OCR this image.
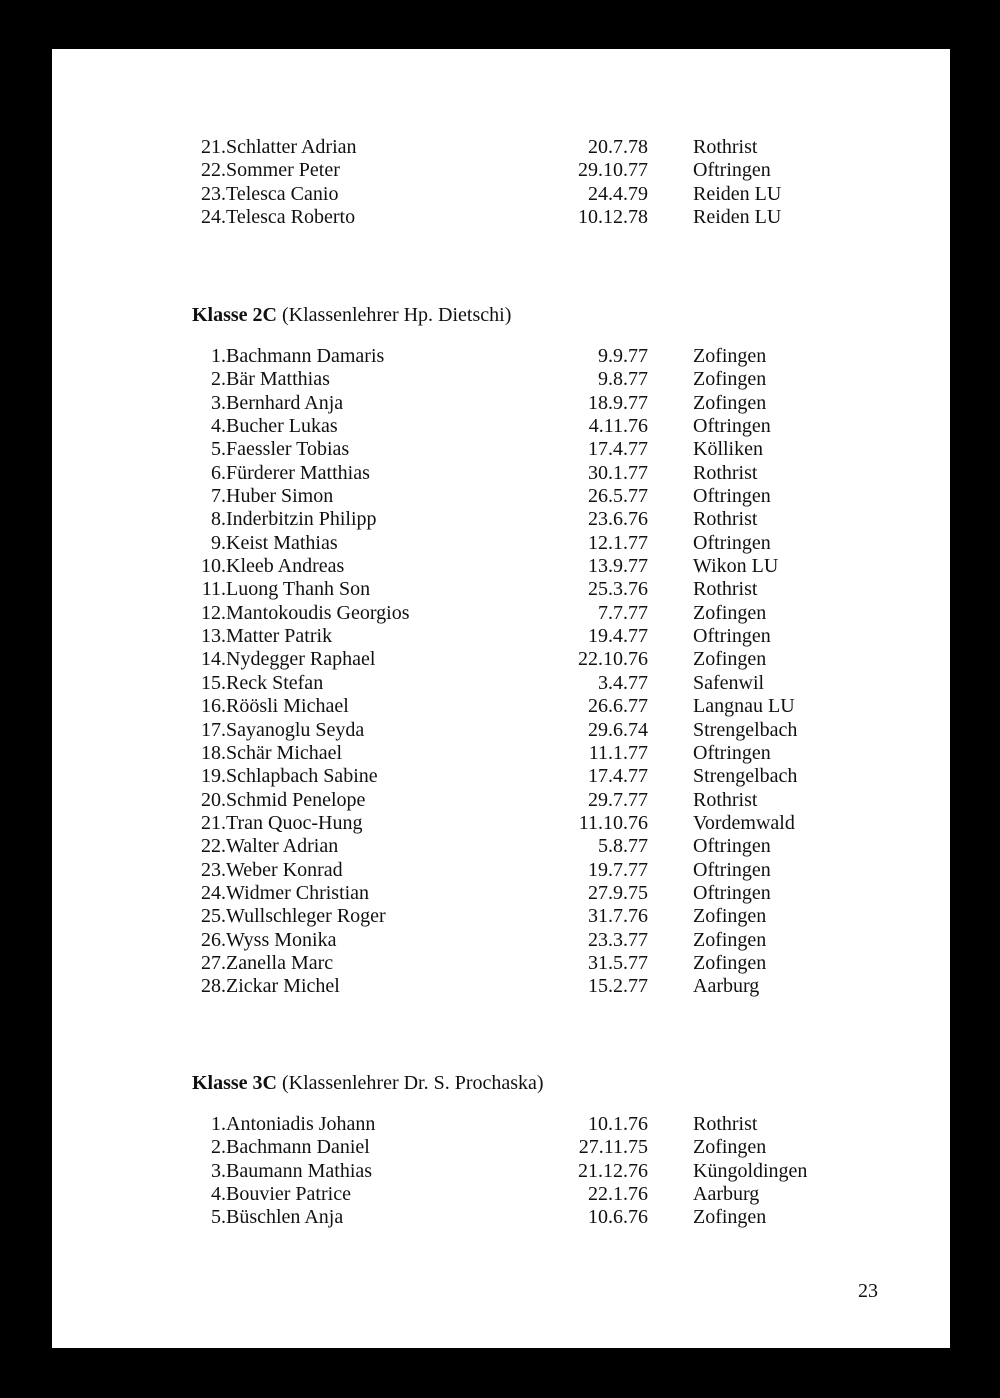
21. Schlatter Adrian	20.7.78 Rothrist
22. Sommer Peter	29.10.77 Oftringen
23. Telesca Canio	24.4.79 Reiden LU
24. Telesca Roberto	10.12.78 Reiden LU
Klasse 2C (Klassenlehrer Hp. Dietschi)
1. Bachmann Damaris	9.9.77 Zofingen
2. Bär Matthias	9.8.77 Zofingen
3. Bernhard Anja	18.9.77 Zofingen
4. Bucher Lukas	4.11.76 Oftringen
5. Faessler Tobias	17.4.77 Kölliken
6. Fürderer Matthias	30.1.77 Rothrist
7. Huber Simon	26.5.77 Oftringen
8. Inderbitzin Philipp	23.6.76 Rothrist
9. Keist Mathias	12.1.77 Oftringen
10. Kleeb Andreas	13.9.77 Wikon LU
11. Luong Thanh Son	25.3.76 Rothrist
12. Mantokoudis Georgios	7.7.77 Zofingen
13. Matter Patrik	19.4.77 Oftringen
14. Nydegger Raphael	22.10.76 Zofingen
15. Reck Stefan	3.4.77 Safenwil
16. Röösli Michael	26.6.77 Langnau LU
17. Sayanoglu Seyda	29.6.74 Strengelbach
18. Schär Michael	11.1.77 Oftringen
19. Schlapbach Sabine	17.4.77 Strengelbach
20. Schmid Penelope	29.7.77 Rothrist
21. Tran Quoc-Hung	11.10.76 Vordemwald
22. Walter Adrian	5.8.77 Oftringen
23. Weber Konrad	19.7.77 Oftringen
24. Widmer Christian	27.9.75 Oftringen
25. Wullschleger Roger	31.7.76 Zofingen
26. Wyss Monika	23.3.77 Zofingen
27. Zanella Marc	31.5.77 Zofingen
28. Zickar Michel	15.2.77 Aarburg
Klasse 3C (Klassenlehrer Dr. S. Prochaska)
1. Antoniadis Johann	10.1.76 Rothrist
2. Bachmann Daniel	27.11.75 Zofingen
3. Baumann Mathias	21.12.76 Küngoldingen
4. Bouvier Patrice	22.1.76 Aarburg
5. Büschlen Anja	10.6.76 Zofingen
23
